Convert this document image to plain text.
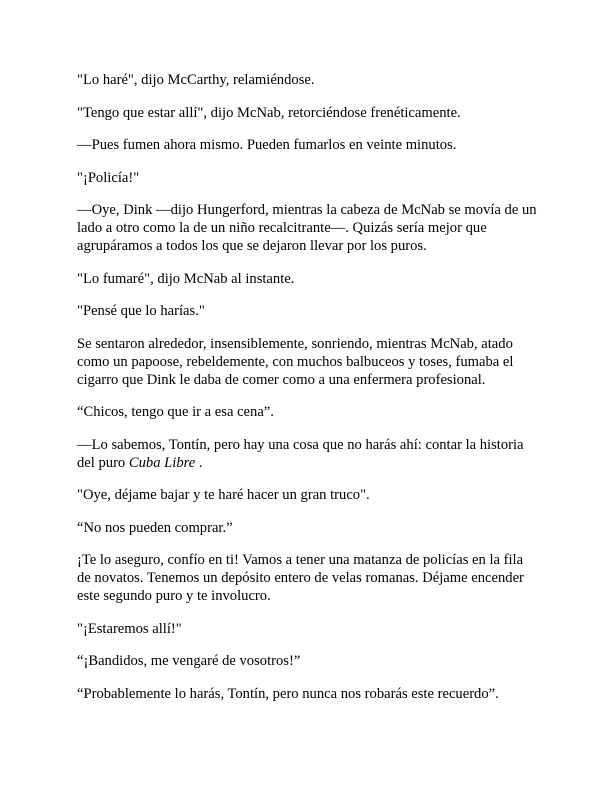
"Lo haré", dijo McCarthy, relamiéndose.

"Tengo que estar allí", dijo McNab, retorciéndose frenéticamente.

—Pues fumen ahora mismo. Pueden fumarlos en veinte minutos.

"¡Policía!"

—Oye, Dink —dijo Hungerford, mientras la cabeza de McNab se movía de un lado a otro como la de un niño recalcitrante—. Quizás sería mejor que agrupáramos a todos los que se dejaron llevar por los puros.

"Lo fumaré", dijo McNab al instante.

"Pensé que lo harías."

Se sentaron alrededor, insensiblemente, sonriendo, mientras McNab, atado como un papoose, rebeldemente, con muchos balbuceos y toses, fumaba el cigarro que Dink le daba de comer como a una enfermera profesional.

“Chicos, tengo que ir a esa cena”.

—Lo sabemos, Tontín, pero hay una cosa que no harás ahí: contar la historia del puro Cuba Libre .

"Oye, déjame bajar y te haré hacer un gran truco".

“No nos pueden comprar.”

¡Te lo aseguro, confío en ti! Vamos a tener una matanza de policías en la fila de novatos. Tenemos un depósito entero de velas romanas. Déjame encender este segundo puro y te involucro.

"¡Estaremos allí!"

“¡Bandidos, me vengaré de vosotros!”

“Probablemente lo harás, Tontín, pero nunca nos robarás este recuerdo”.
